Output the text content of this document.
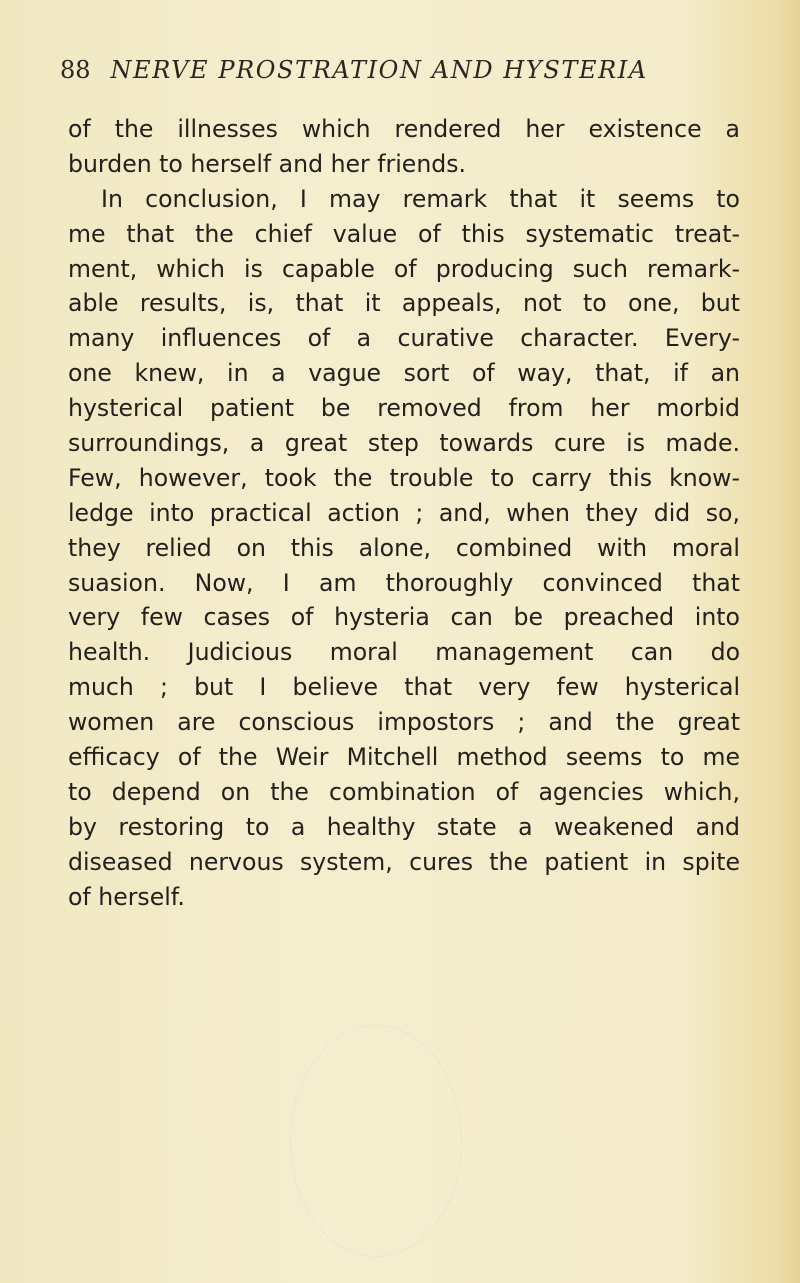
88 NERVE PROSTRATION AND HYSTERIA
of the illnesses which rendered her existence a
burden to herself and her friends.
In conclusion, I may remark that it seems to
me that the chief value of this systematic treat-
ment, which is capable of producing such remark-
able results, is, that it appeals, not to one, but
many influences of a curative character. Every-
one knew, in a vague sort of way, that, if an
hysterical patient be removed from her morbid
surroundings, a great step towards cure is made.
Few, however, took the trouble to carry this know-
ledge into practical action ; and, when they did so,
they relied on this alone, combined with moral
suasion. Now, I am thoroughly convinced that
very few cases of hysteria can be preached into
health. Judicious moral management can do
much ; but I believe that very few hysterical
women are conscious impostors ; and the great
efficacy of the Weir Mitchell method seems to me
to depend on the combination of agencies which,
by restoring to a healthy state a weakened and
diseased nervous system, cures the patient in spite
of herself.
